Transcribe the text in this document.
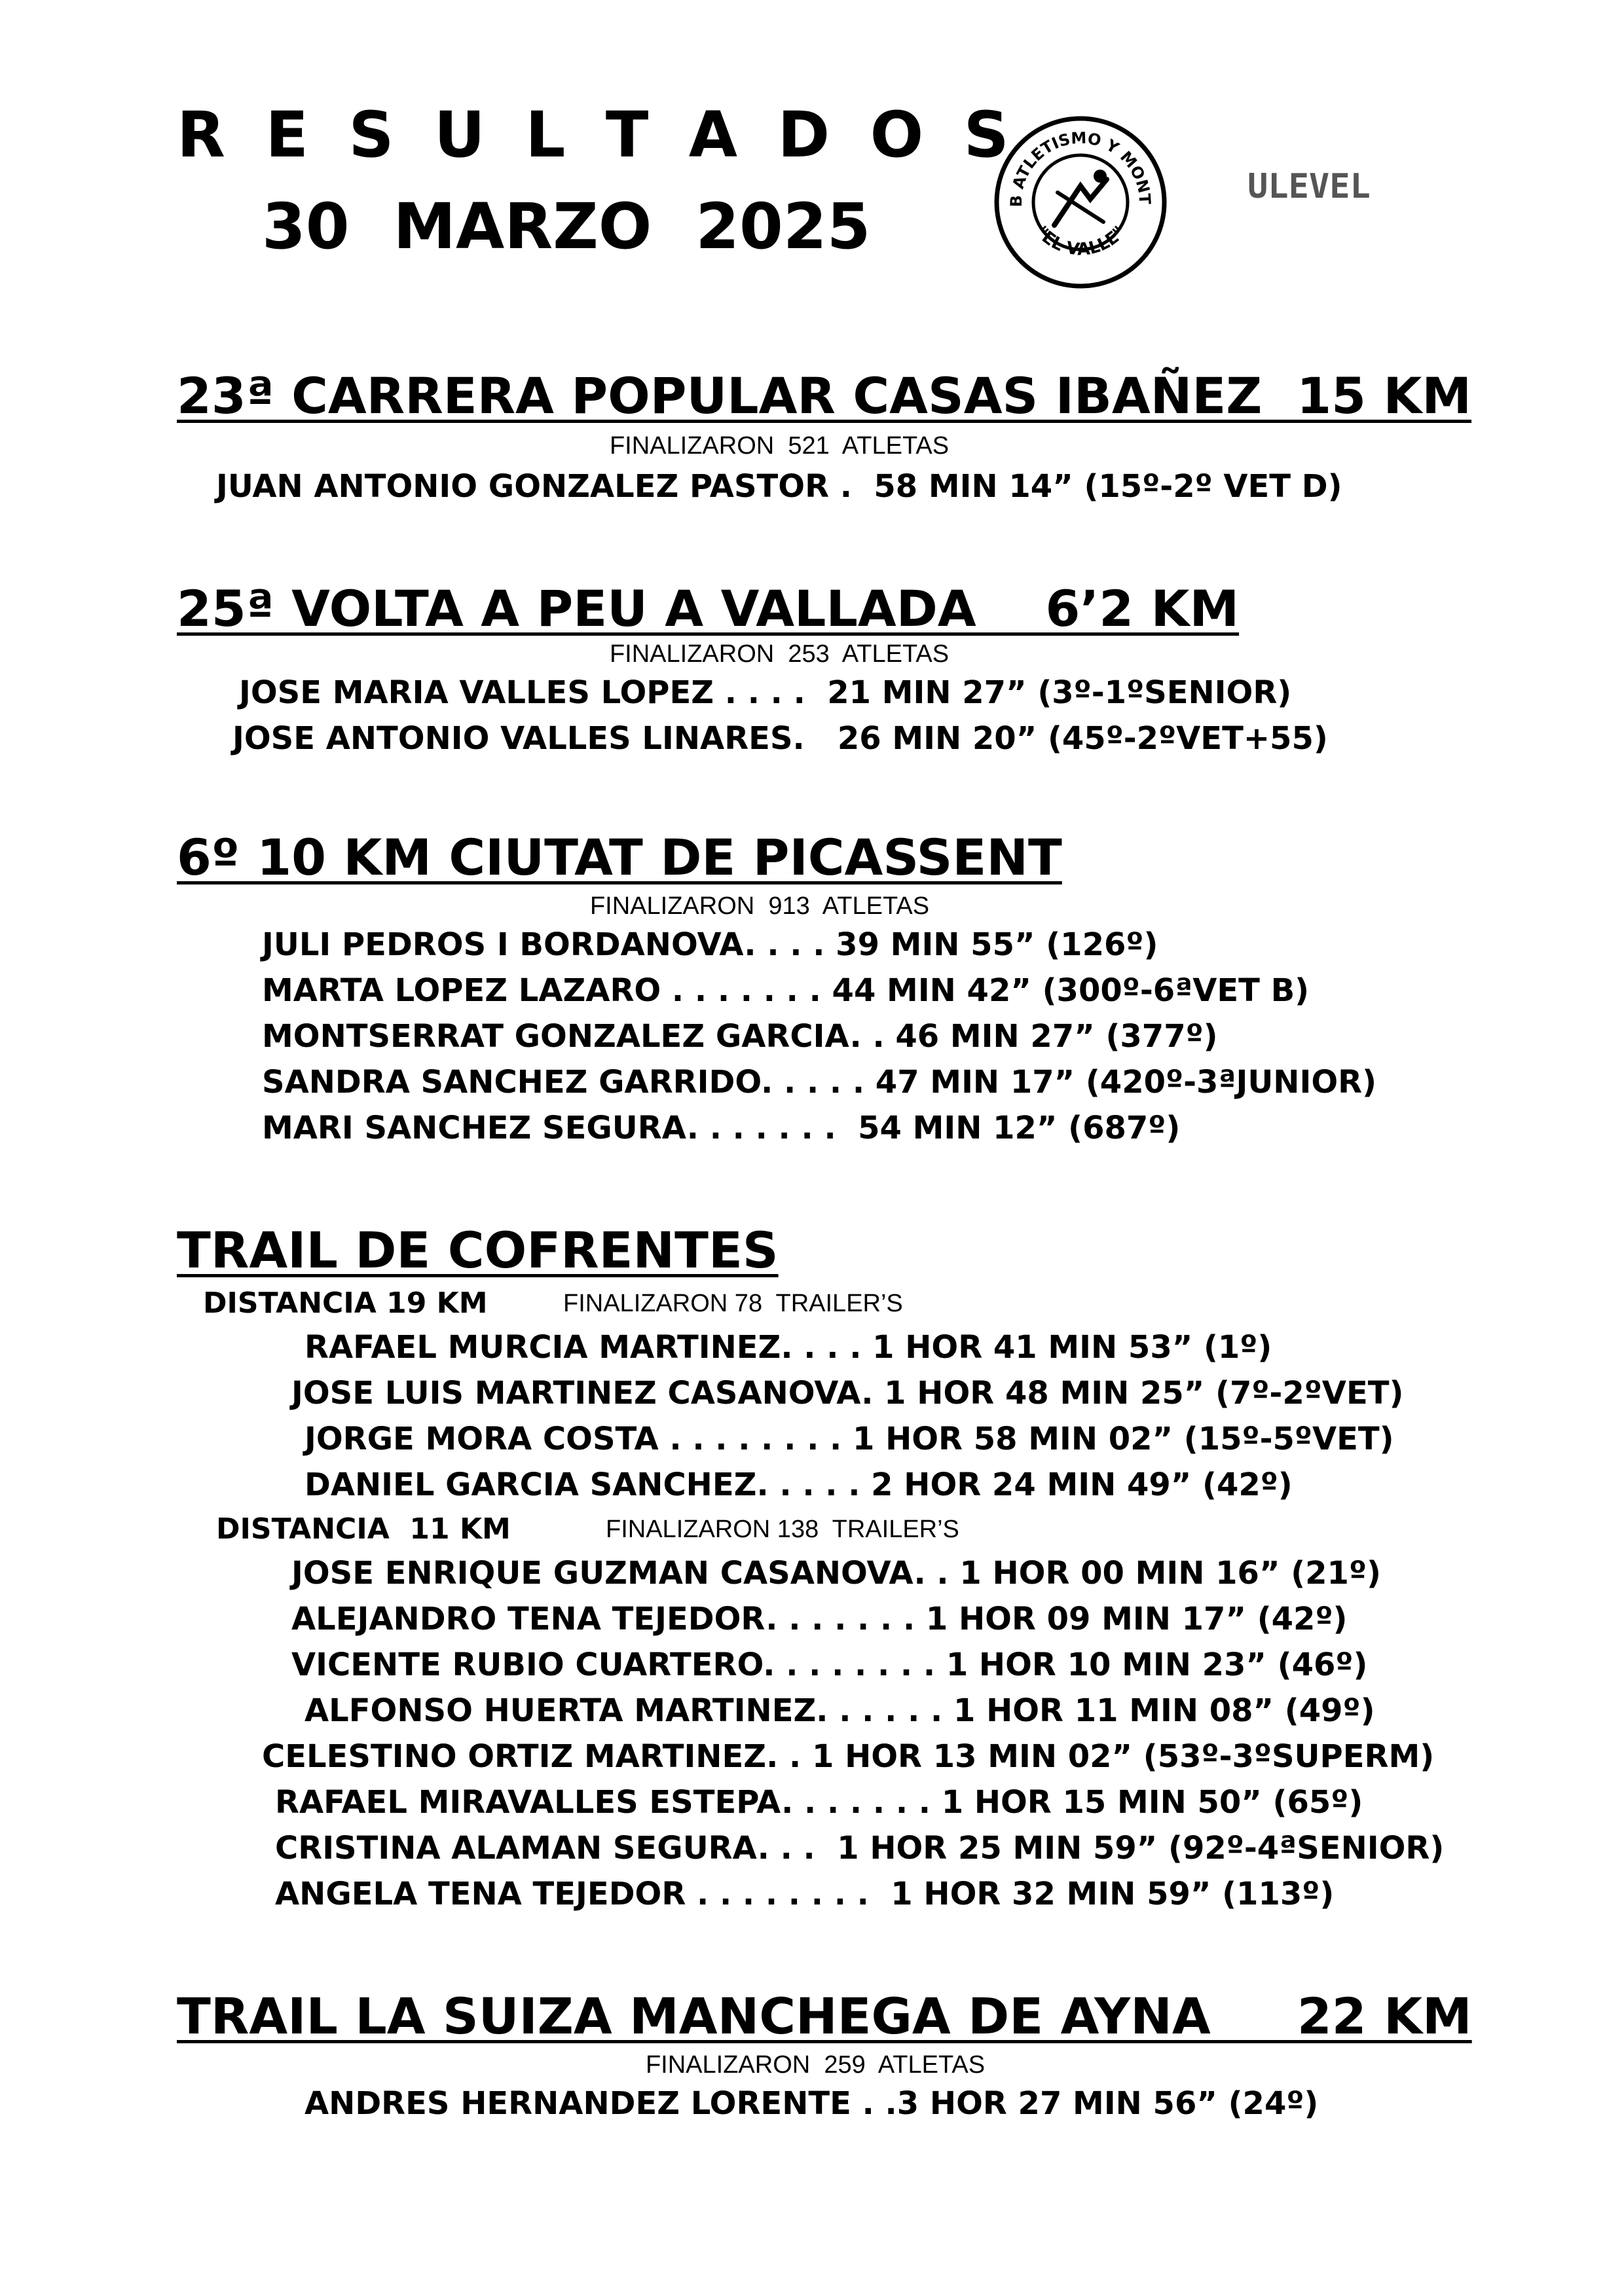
R E S U L T A D O S
30  MARZO  2025

	B ATLETISMO Y MONT
"EL VALLE"

ULEVEL
23ª CARRERA POPULAR CASAS IBAÑEZ  15 KM
FINALIZARON  521  ATLETAS
JUAN ANTONIO GONZALEZ PASTOR .  58 MIN 14” (15º-2º VET D)
25ª VOLTA A PEU A VALLADA    6’2 KM
FINALIZARON  253  ATLETAS
JOSE MARIA VALLES LOPEZ . . . .  21 MIN 27” (3º-1ºSENIOR)
JOSE ANTONIO VALLES LINARES.   26 MIN 20” (45º-2ºVET+55)
6º 10 KM CIUTAT DE PICASSENT
FINALIZARON  913  ATLETAS
JULI PEDROS I BORDANOVA. . . . 39 MIN 55” (126º)
MARTA LOPEZ LAZARO . . . . . . . 44 MIN 42” (300º-6ªVET B)
MONTSERRAT GONZALEZ GARCIA. . 46 MIN 27” (377º)
SANDRA SANCHEZ GARRIDO. . . . . 47 MIN 17” (420º-3ªJUNIOR)
MARI SANCHEZ SEGURA. . . . . . .  54 MIN 12” (687º)
TRAIL DE COFRENTES
DISTANCIA 19 KM	FINALIZARON 78  TRAILER’S
RAFAEL MURCIA MARTINEZ. . . . 1 HOR 41 MIN 53” (1º)
JOSE LUIS MARTINEZ CASANOVA. 1 HOR 48 MIN 25” (7º-2ºVET)
JORGE MORA COSTA . . . . . . . . 1 HOR 58 MIN 02” (15º-5ºVET)
DANIEL GARCIA SANCHEZ. . . . . 2 HOR 24 MIN 49” (42º)
DISTANCIA  11 KM	FINALIZARON 138  TRAILER’S
JOSE ENRIQUE GUZMAN CASANOVA. . 1 HOR 00 MIN 16” (21º)
ALEJANDRO TENA TEJEDOR. . . . . . . 1 HOR 09 MIN 17” (42º)
VICENTE RUBIO CUARTERO. . . . . . . . 1 HOR 10 MIN 23” (46º)
ALFONSO HUERTA MARTINEZ. . . . . . 1 HOR 11 MIN 08” (49º)
CELESTINO ORTIZ MARTINEZ. . 1 HOR 13 MIN 02” (53º-3ºSUPERM)
RAFAEL MIRAVALLES ESTEPA. . . . . . . 1 HOR 15 MIN 50” (65º)
CRISTINA ALAMAN SEGURA. . .  1 HOR 25 MIN 59” (92º-4ªSENIOR)
ANGELA TENA TEJEDOR . . . . . . . .  1 HOR 32 MIN 59” (113º)
TRAIL LA SUIZA MANCHEGA DE AYNA     22 KM
FINALIZARON  259  ATLETAS
ANDRES HERNANDEZ LORENTE . .3 HOR 27 MIN 56” (24º)
